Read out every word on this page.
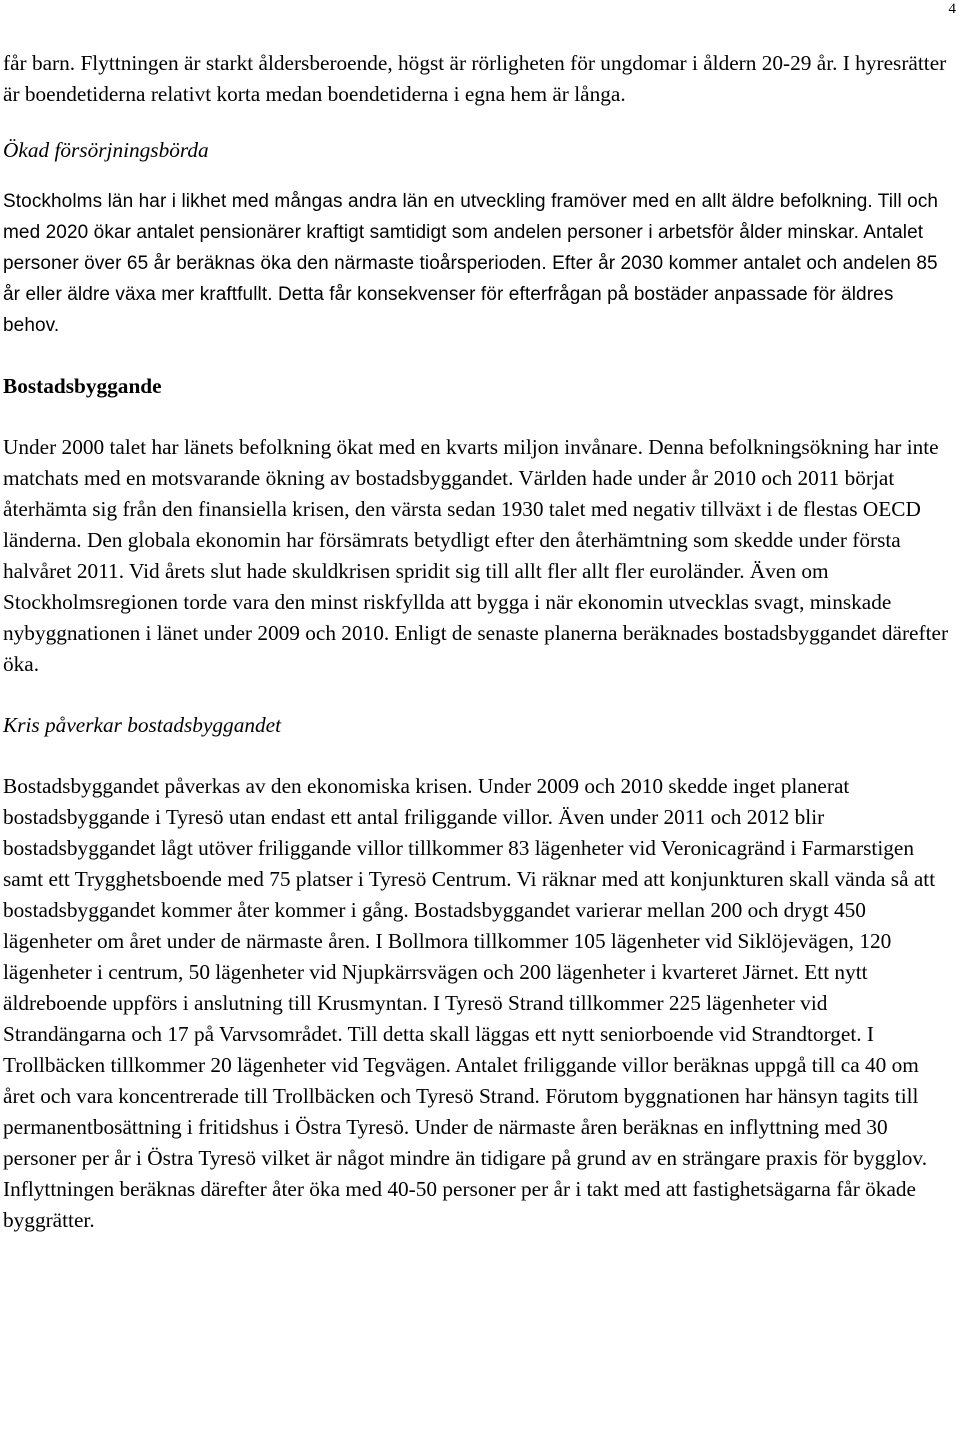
4

får barn. Flyttningen är starkt åldersberoende, högst är rörligheten för ungdomar i åldern 20-29 år. I hyresrätter är boendetiderna relativt korta medan boendetiderna i egna hem är långa.

Ökad försörjningsbörda

Stockholms län har i likhet med mångas andra län en utveckling framöver med en allt äldre befolkning. Till och med 2020 ökar antalet pensionärer kraftigt samtidigt som andelen personer i arbetsför ålder minskar. Antalet personer över 65 år beräknas öka den närmaste tioårsperioden. Efter år 2030 kommer antalet och andelen 85 år eller äldre växa mer kraftfullt. Detta får konsekvenser för efterfrågan på bostäder anpassade för äldres behov.

Bostadsbyggande

Under 2000 talet har länets befolkning ökat med en kvarts miljon invånare. Denna befolkningsökning har inte matchats med en motsvarande ökning av bostadsbyggandet. Världen hade under år 2010 och 2011 börjat återhämta sig från den finansiella krisen, den värsta sedan 1930 talet med negativ tillväxt i de flestas OECD länderna. Den globala ekonomin har försämrats betydligt efter den återhämtning som skedde under första halvåret 2011. Vid årets slut hade skuldkrisen spridit sig till allt fler allt fler euroländer. Även om Stockholmsregionen torde vara den minst riskfyllda att bygga i när ekonomin utvecklas svagt, minskade nybyggnationen i länet under 2009 och 2010. Enligt de senaste planerna beräknades bostadsbyggandet därefter öka.

Kris påverkar bostadsbyggandet

Bostadsbyggandet påverkas av den ekonomiska krisen. Under 2009 och 2010 skedde inget planerat bostadsbyggande i Tyresö utan endast ett antal friliggande villor. Även under 2011 och 2012 blir bostadsbyggandet lågt utöver friliggande villor tillkommer 83 lägenheter vid Veronicagränd i Farmarstigen samt ett Trygghetsboende med 75 platser i Tyresö Centrum. Vi räknar med att konjunkturen skall vända så att bostadsbyggandet kommer åter kommer i gång. Bostadsbyggandet varierar mellan 200 och drygt 450 lägenheter om året under de närmaste åren. I Bollmora tillkommer 105 lägenheter vid Siklöjevägen, 120 lägenheter i centrum, 50 lägenheter vid Njupkärrsvägen och 200 lägenheter i kvarteret Järnet. Ett nytt äldreboende uppförs i anslutning till Krusmyntan. I Tyresö Strand tillkommer 225 lägenheter vid Strandängarna och 17 på Varvsområdet. Till detta skall läggas ett nytt seniorboende vid Strandtorget. I Trollbäcken tillkommer 20 lägenheter vid Tegvägen. Antalet friliggande villor beräknas uppgå till ca 40 om året och vara koncentrerade till Trollbäcken och Tyresö Strand. Förutom byggnationen har hänsyn tagits till permanentbosättning i fritidshus i Östra Tyresö. Under de närmaste åren beräknas en inflyttning med 30 personer per år i Östra Tyresö vilket är något mindre än tidigare på grund av en strängare praxis för bygglov. Inflyttningen beräknas därefter åter öka med 40-50 personer per år i takt med att fastighetsägarna får ökade byggrätter.
